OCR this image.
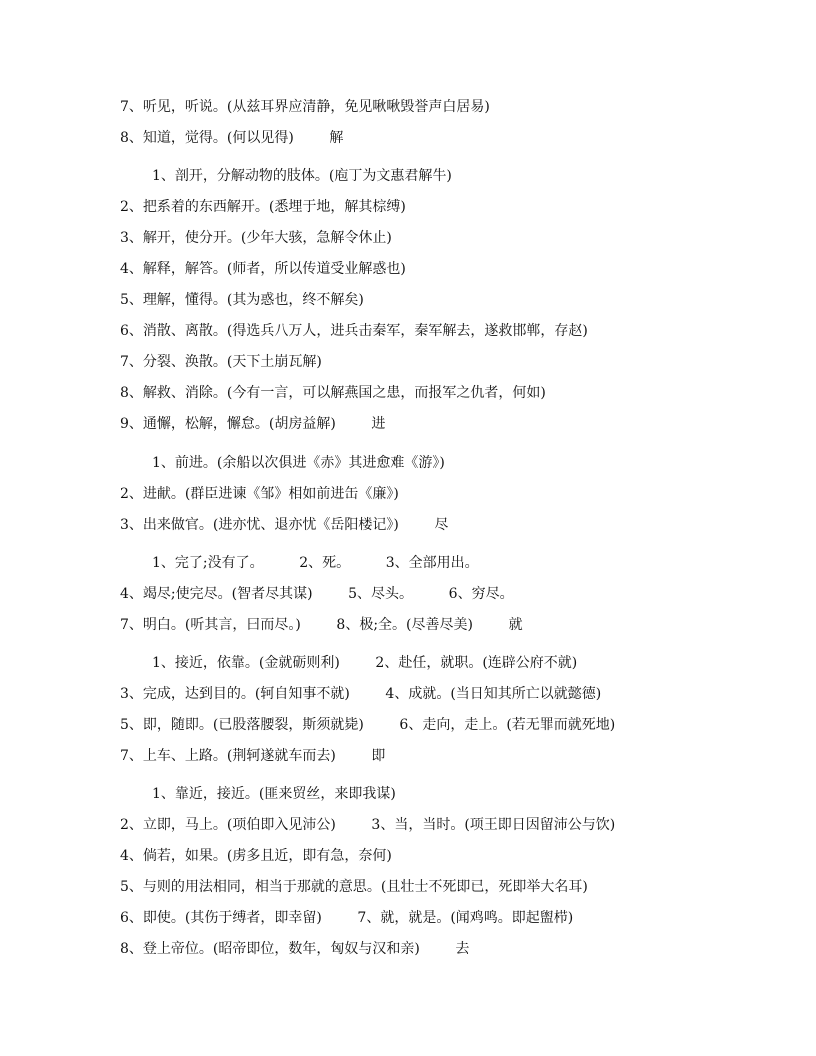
7、听见，听说。(从兹耳界应清静，免见啾啾毁誉声白居易)
8、知道，觉得。(何以见得)        解
1、剖开，分解动物的肢体。(庖丁为文惠君解牛)
2、把系着的东西解开。(悉埋于地，解其棕缚)
3、解开，使分开。(少年大骇，急解令休止)
4、解释，解答。(师者，所以传道受业解惑也)
5、理解，懂得。(其为惑也，终不解矣)
6、消散、离散。(得选兵八万人，进兵击秦军，秦军解去，遂救邯郸，存赵)
7、分裂、涣散。(天下土崩瓦解)
8、解救、消除。(今有一言，可以解燕国之患，而报军之仇者，何如)
9、通懈，松解，懈怠。(胡房益解)        进
1、前进。(余船以次俱进《赤》其进愈难《游》)
2、进献。(群臣进谏《邹》相如前进缶《廉》)
3、出来做官。(进亦忧、退亦忧《岳阳楼记》)        尽
1、完了;没有了。        2、死。        3、全部用出。
4、竭尽;使完尽。(智者尽其谋)        5、尽头。        6、穷尽。
7、明白。(听其言，曰而尽。)        8、极;全。(尽善尽美)        就
1、接近，依靠。(金就砺则利)        2、赴任，就职。(连辟公府不就)
3、完成，达到目的。(轲自知事不就)        4、成就。(当日知其所亡以就懿德)
5、即，随即。(已股落腰裂，斯须就毙)        6、走向，走上。(若无罪而就死地)
7、上车、上路。(荆轲遂就车而去)        即
1、靠近，接近。(匪来贸丝，来即我谋)
2、立即，马上。(项伯即入见沛公)        3、当，当时。(项王即日因留沛公与饮)
4、倘若，如果。(虏多且近，即有急，奈何)
5、与则的用法相同，相当于那就的意思。(且壮士不死即已，死即举大名耳)
6、即使。(其伤于缚者，即幸留)        7、就，就是。(闻鸡鸣。即起盥栉)
8、登上帝位。(昭帝即位，数年，匈奴与汉和亲)        去
